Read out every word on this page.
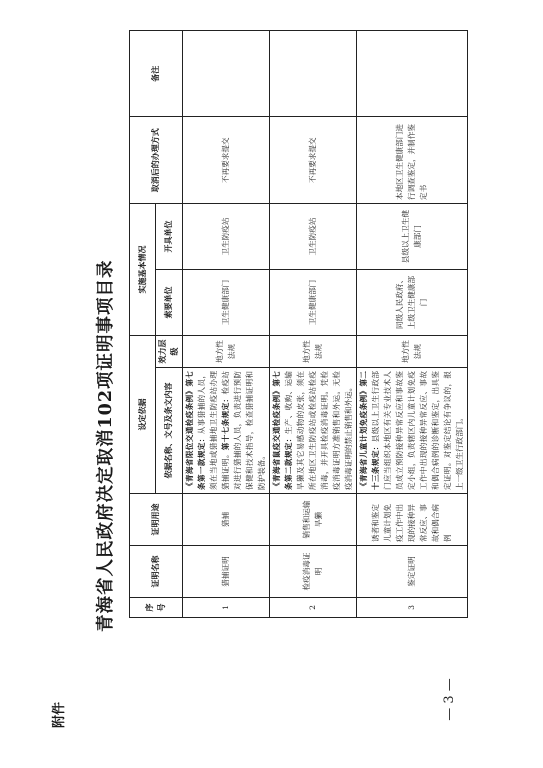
附件
青海省人民政府决定取消102项证明事项目录	序号	证明名称	证明用途	设定依据		实施基本情况		取消后的办理方式	备注
			依据名称、文号及条文内容	效力层级	索要单位	开具单位		
1	猎捕证明	猎捕	《青海省限位交通检疫条例》第七条第一款规定：从事猎捕的人员，须在当地或猎捕地卫生防疫站办理猎捕证明。第十七条规定：检疫站对进行猎捕的人员，负责进行预防保健和技术指导，检查猎捕证明和防护装备。	地方性法规	卫生健康部门	卫生防疫站	不再要求提交	
2	检疫消毒证明	销售和运输旱獭	《青海省鼠疫交通检疫条例》第七条第二款规定：生产、收购、运输旱獭及其它易感动物的皮张，须在所在地区卫生防疫站或检疫站检疫消毒，并开具检疫消毒证明。凭检疫消毒证明方准销售和外运。无检疫消毒证明的禁止销售和外运。	地方性法规	卫生健康部门	卫生防疫站	不再要求提交	
3	鉴定证明	诱者和鉴定儿童计划免疫工作中出现的接种异常反应、事故和偶合病例	《青海省儿童计划免疫条例》第二十三条规定：县级以上卫生行政部门应当组织本地区有关专业技术人员成立预防接种异常反应和事故鉴定小组，负责辖区内儿童计划免疫工作中出现的接种异常反应、事故和偶合病例的诊断和鉴定，出具鉴定证明。对鉴定结论有争议的，报上一级卫生行政部门。	地方性法规	同级人民政府、上级卫生健康部门	县级以上卫生健康部门	本地区卫生健康部门进行调查鉴定，并制作鉴定书	
— 3 —
